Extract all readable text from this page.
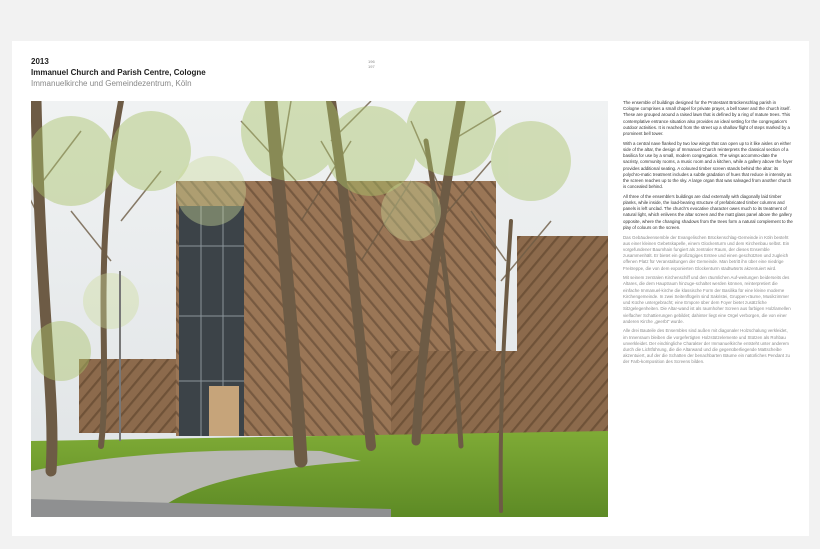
2013
Immanuel Church and Parish Centre, Cologne
Immanuelkirche und Gemeindezentrum, Köln
196
197

The ensemble of buildings designed for the Protestant Brückenschlag parish in Cologne comprises a small chapel for private prayer, a bell tower and the church itself. These are grouped around a raised lawn that is defined by a ring of mature trees. This contemplative entrance situation also provides an ideal setting for the congregation's outdoor activities. It is reached from the street up a shallow flight of steps marked by a prominent bell tower.

With a central nave flanked by two low wings that can open up to it like aisles on either side of the altar, the design of Immanuel Church reinterprets the classical section of a basilica for use by a small, modern congregation. The wings accommo-date the sacristy, community rooms, a music room and a kitchen, while a gallery above the foyer provides additional seating. A coloured timber screen stands behind the altar: its polychro-matic treatment includes a subtle gradation of hues that reduce in intensity as the screen reaches up to the sky. A large organ that was salvaged from another church is concealed behind.

All three of the ensemble's buildings are clad externally with diagonally laid timber planks, while inside, the load-bearing structure of prefabricated timber columns and panels is left unclad. The church's evocative character owes much to its treatment of natural light, which enlivens the altar screen and the matt glass panel above the gallery opposite, where the changing shadows from the trees form a natural complement to the play of colours on the screen.

Das Gebäudeensemble der Evangelischen Brückenschlag-Gemeinde in Köln besteht aus einer kleinen Gebetskapelle, einem Glockenturm und dem Kirchenbau selbst. Ein vorgefundener Baumhain fungiert als zentraler Raum, der dieses Ensemble zusammenhält. Er bietet ein großzügiges Entree und einen geschützten und zugleich offenen Platz für Veranstaltungen der Gemeinde. Man betritt ihn über eine niedrige Freitreppe, die von dem exponierten Glockenturm stadtwäsrts akzentuiert wird.

Mit seinem zentralen Kirchenschiff und den räumlichen Auf-weitungen beiderseits des Altares, die dem Hauptraum hinzuge-schaltet werden können, reinterpretiert die einfache Immanuel-kirche die klassische Form der Basilika für eine kleine moderne Kirchengemeinde. In zwei Seitenflügeln sind Sakristei, Gruppen-räume, Musikzimmer und Küche untergebracht; eine Empore über dem Foyer bietet zusätzliche Sitzgelegenheiten. Die Altar-wand ist als raumhoher Screen aus farbigen Holzlamellen vielfacher Schattierungen gebildet; dahinter liegt eine Orgel verborgen, die von einer anderen Kirche „geerbt" wurde.

Alle drei Bauteile des Ensembles sind außen mit diagonaler Holzschalung verkleidet, im Innenraum bleiben die vorgefertigten Holzstützelemente und Stützen als Rohbau unverkleidet. Der eindringliche Charakter der Immanuelkirche entsteht unter anderem durch die Lichtführung, die die Altarwand und die gegenüberliegende Mattscheibe akzentuiert, auf der die Schatten der benachbarten Bäume ein natürliches Pendant zu der Farb-komposition des Screens bilden.
